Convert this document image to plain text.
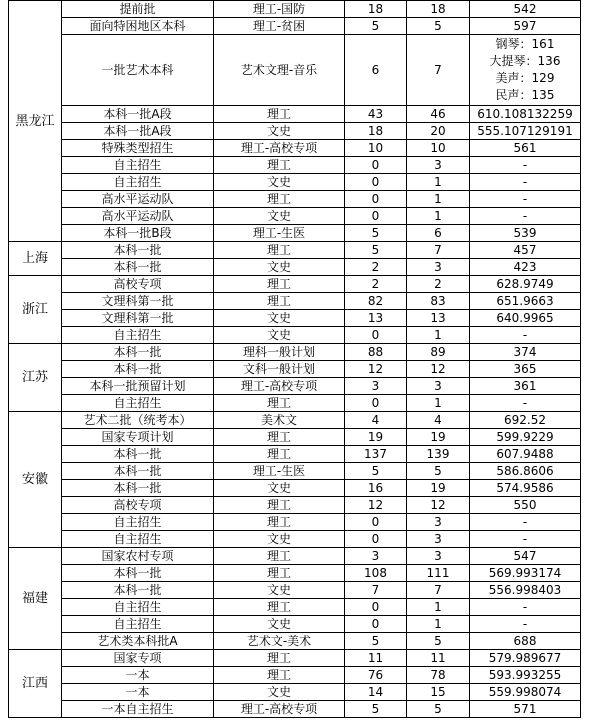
黑龙江	提前批	理工-国防	18	18	542
	面向特困地区本科	理工-贫困	5	5	597
	一批艺术本科	艺术文理-音乐	6	7	钢琴：161
大提琴：136
美声：129
民声：135

	本科一批A段	理工	43	46	610.108132259
	本科一批A段	文史	18	20	555.107129191
	特殊类型招生	理工-高校专项	10	10	561
	自主招生	理工	0	3	-
	自主招生	文史	0	1	-
	高水平运动队	理工	0	1	-
	高水平运动队	文史	0	1	-
	本科一批B段	理工-生医	5	6	539
上海	本科一批	理工	5	7	457
	本科一批	文史	2	3	423
浙江	高校专项	理工	2	2	628.9749
	文理科第一批	理工	82	83	651.9663
	文理科第一批	文史	13	13	640.9965
	自主招生	文史	0	1	-
江苏	本科一批	理科一般计划	88	89	374
	本科一批	文科一般计划	12	12	365
	本科一批预留计划	理工-高校专项	3	3	361
	自主招生	理工	0	1	-
安徽	艺术二批（统考本）	美术文	4	4	692.52
	国家专项计划	理工	19	19	599.9229
	本科一批	理工	137	139	607.9488
	本科一批	理工-生医	5	5	586.8606
	本科一批	文史	16	19	574.9586
	高校专项	理工	12	12	550
	自主招生	理工	0	3	-
	自主招生	文史	0	3	-
福建	国家农村专项	理工	3	3	547
	本科一批	理工	108	111	569.993174
	本科一批	文史	7	7	556.998403
	自主招生	理工	0	1	-
	自主招生	文史	0	1	-
	艺术类本科批A	艺术文-美术	5	5	688
江西	国家专项	理工	11	11	579.989677
	一本	理工	76	78	593.993255
	一本	文史	14	15	559.998074
	一本自主招生	理工-高校专项	5	5	571
